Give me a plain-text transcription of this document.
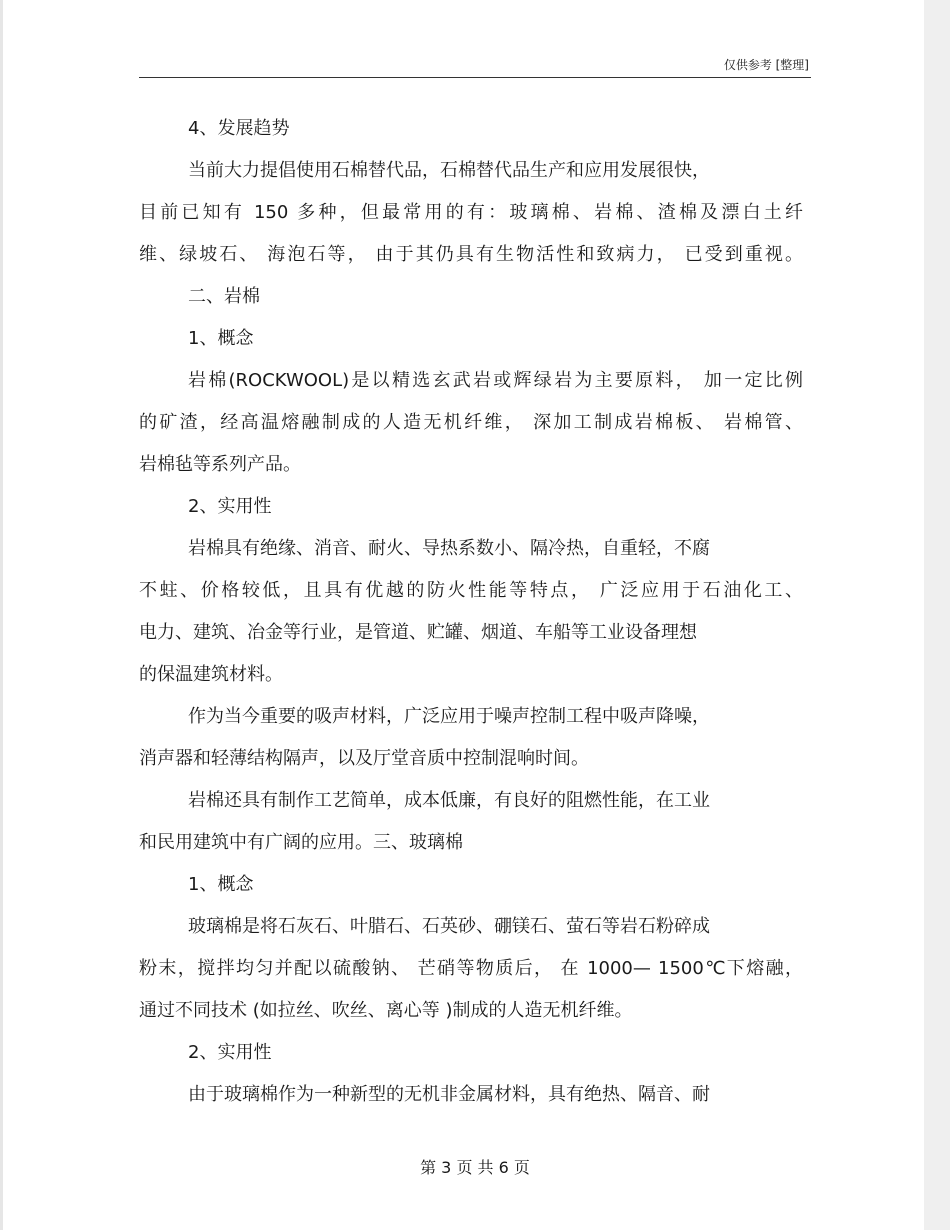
仅供参考 [整理]
4、发展趋势
当前大力提倡使用石棉替代品，石棉替代品生产和应用发展很快，
目前已知有 150 多种，但最常用的有：玻璃棉、岩棉、渣棉及漂白土纤
维、绿坡石、 海泡石等， 由于其仍具有生物活性和致病力， 已受到重视。
二、岩棉
1、概念
岩棉(ROCKWOOL)是以精选玄武岩或辉绿岩为主要原料， 加一定比例
的矿渣，经高温熔融制成的人造无机纤维， 深加工制成岩棉板、 岩棉管、
岩棉毡等系列产品。
2、实用性
岩棉具有绝缘、消音、耐火、导热系数小、隔冷热，自重轻，不腐
不蛀、价格较低，且具有优越的防火性能等特点， 广泛应用于石油化工、
电力、建筑、冶金等行业，是管道、贮罐、烟道、车船等工业设备理想
的保温建筑材料。
作为当今重要的吸声材料，广泛应用于噪声控制工程中吸声降噪，
消声器和轻薄结构隔声，以及厅堂音质中控制混响时间。
岩棉还具有制作工艺简单，成本低廉，有良好的阻燃性能，在工业
和民用建筑中有广阔的应用。三、玻璃棉
1、概念
玻璃棉是将石灰石、叶腊石、石英砂、硼镁石、萤石等岩石粉碎成
粉末，搅拌均匀并配以硫酸钠、 芒硝等物质后， 在 1000— 1500℃下熔融，
通过不同技术 (如拉丝、吹丝、离心等 )制成的人造无机纤维。
2、实用性
由于玻璃棉作为一种新型的无机非金属材料，具有绝热、隔音、耐
第 3 页 共 6 页
